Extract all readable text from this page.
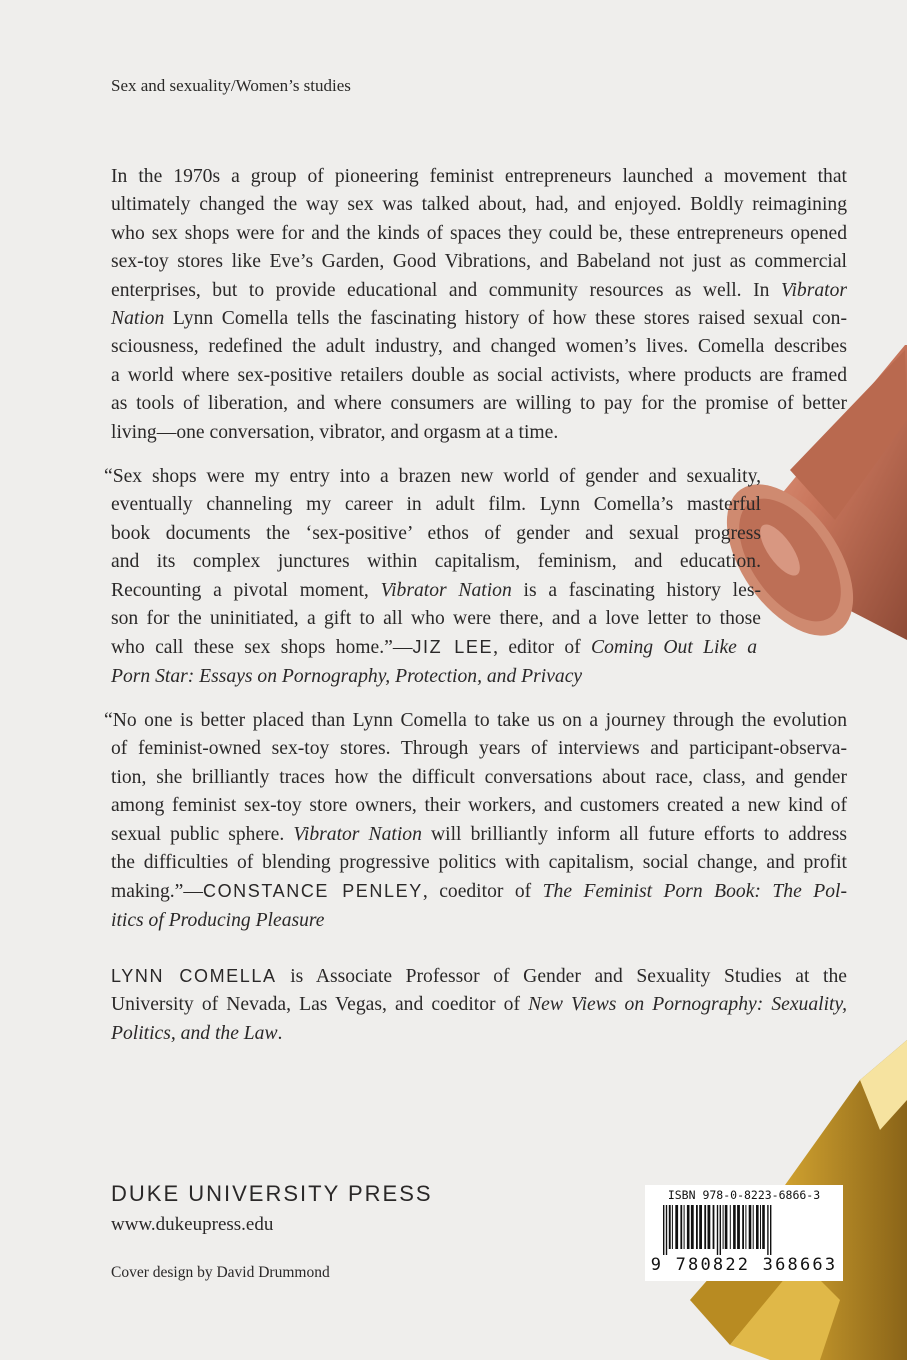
Sex and sexuality/Women’s studies
In the 1970s a group of pioneering feminist entrepreneurs launched a movement that
ultimately changed the way sex was talked about, had, and enjoyed. Boldly reimagining
who sex shops were for and the kinds of spaces they could be, these entrepreneurs opened
sex-toy stores like Eve’s Garden, Good Vibrations, and Babeland not just as commercial
enterprises, but to provide educational and community resources as well. In Vibrator
Nation Lynn Comella tells the fascinating history of how these stores raised sexual con-
sciousness, redefined the adult industry, and changed women’s lives. Comella describes
a world where sex-positive retailers double as social activists, where products are framed
as tools of liberation, and where consumers are willing to pay for the promise of better
living—one conversation, vibrator, and orgasm at a time.
“Sex shops were my entry into a brazen new world of gender and sexuality,
eventually channeling my career in adult film. Lynn Comella’s masterful
book documents the ‘sex-positive’ ethos of gender and sexual progress
and its complex junctures within capitalism, feminism, and education.
Recounting a pivotal moment, Vibrator Nation is a fascinating history les-
son for the uninitiated, a gift to all who were there, and a love letter to those
who call these sex shops home.”—JIZ LEE, editor of Coming Out Like a
Porn Star: Essays on Pornography, Protection, and Privacy
“No one is better placed than Lynn Comella to take us on a journey through the evolution
of feminist-owned sex-toy stores. Through years of interviews and participant-observa-
tion, she brilliantly traces how the difficult conversations about race, class, and gender
among feminist sex-toy store owners, their workers, and customers created a new kind of
sexual public sphere. Vibrator Nation will brilliantly inform all future efforts to address
the difficulties of blending progressive politics with capitalism, social change, and profit
making.”—CONSTANCE PENLEY, coeditor of The Feminist Porn Book: The Pol-
itics of Producing Pleasure
LYNN COMELLA is Associate Professor of Gender and Sexuality Studies at the
University of Nevada, Las Vegas, and coeditor of New Views on Pornography: Sexuality,
Politics, and the Law.
DUKE UNIVERSITY PRESS
www.dukeupress.edu
Cover design by David Drummond
ISBN 978-0-8223-6866-3
9 780822 368663
